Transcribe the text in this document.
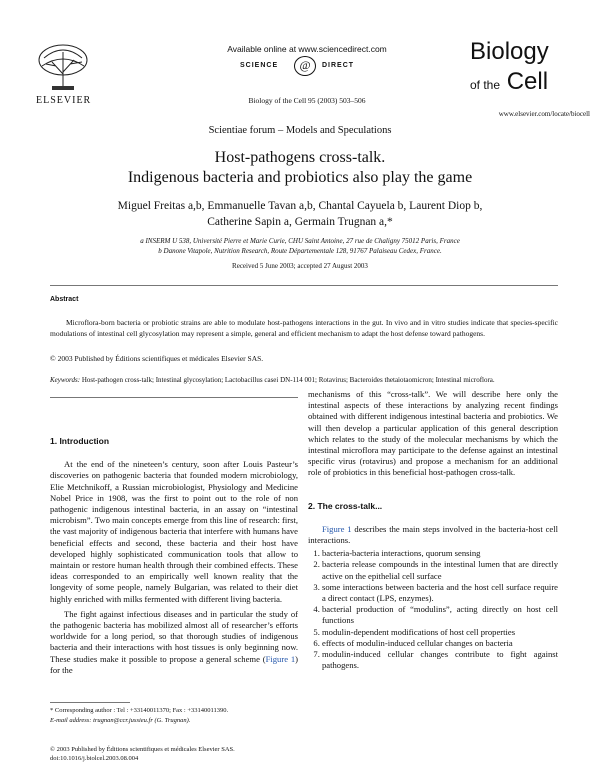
ELSEVIER
Available online at www.sciencedirect.com
SCIENCE	@	DIRECT
Biology of the Cell 95 (2003) 503–506
Biology
of the Cell
www.elsevier.com/locate/biocell
Scientiae forum – Models and Speculations
Host-pathogens cross-talk.
Indigenous bacteria and probiotics also play the game
Miguel Freitas a,b, Emmanuelle Tavan a,b, Chantal Cayuela b, Laurent Diop b,
Catherine Sapin a, Germain Trugnan a,*
a INSERM U 538, Université Pierre et Marie Curie, CHU Saint Antoine, 27 rue de Chaligny 75012 Paris, France
b Danone Vitapole, Nutrition Research, Route Départementale 128, 91767 Palaiseau Cedex, France.
Received 5 June 2003; accepted 27 August 2003
Abstract
Microflora-born bacteria or probiotic strains are able to modulate host-pathogens interactions in the gut. In vivo and in vitro studies indicate that species-specific modulations of intestinal cell glycosylation may represent a simple, general and efficient mechanism to adapt the host defense toward pathogens.
© 2003 Published by Éditions scientifiques et médicales Elsevier SAS.
Keywords: Host-pathogen cross-talk; Intestinal glycosylation; Lactobacillus casei DN-114 001; Rotavirus; Bacteroides thetaiotaomicron; Intestinal microflora.
1. Introduction

At the end of the nineteen’s century, soon after Louis Pasteur’s discoveries on pathogenic bacteria that founded modern microbiology, Elie Metchnikoff, a Russian microbiologist, Physiology and Medicine Nobel Price in 1908, was the first to point out to the role of non pathogenic indigenous intestinal bacteria, in an assay on “intestinal microbism”. Two main concepts emerge from this line of research: first, the vast majority of indigenous bacteria that interfere with humans have beneficial effects and second, these bacteria and their host have developed highly sophisticated communication tools that allow to maintain or restore human health through their combined effects. These ideas corresponded to an empirically well known reality that the longevity of some people, namely Bulgarian, was related to their diet highly enriched with milks fermented with different living bacteria.

The fight against infectious diseases and in particular the study of the pathogenic bacteria has mobilized almost all of researcher’s efforts worldwide for a long period, so that thorough studies of indigenous bacteria and their interactions with host tissues is only beginning now. These studies make it possible to propose a general scheme (Figure 1) for the

mechanisms of this “cross-talk”. We will describe here only the intestinal aspects of these interactions by analyzing recent findings obtained with different indigenous intestinal bacteria and probiotics. We will then develop a particular application of this general description which relates to the study of the molecular mechanisms by which the intestinal microflora may participate to the defense against an intestinal specific virus (rotavirus) and propose a mechanism for an additional role of probiotics in this beneficial host-pathogen cross-talk.

2. The cross-talk...

Figure 1 describes the main steps involved in the bacteria-host cell interactions.

1. bacteria-bacteria interactions, quorum sensing
2. bacteria release compounds in the intestinal lumen that are directly active on the epithelial cell surface
3. some interactions between bacteria and the host cell surface require a direct contact (LPS, enzymes).
4. bacterial production of “modulins”, acting directly on host cell functions
5. modulin-dependent modifications of host cell properties
6. effects of modulin-induced cellular changes on bacteria
7. modulin-induced cellular changes contribute to fight against pathogens.
* Corresponding author : Tel : +33140011370; Fax : +33140011390.
E-mail address: trugnan@ccr.jussieu.fr (G. Trugnan).
© 2003 Published by Éditions scientifiques et médicales Elsevier SAS.
doi:10.1016/j.biolcel.2003.08.004
